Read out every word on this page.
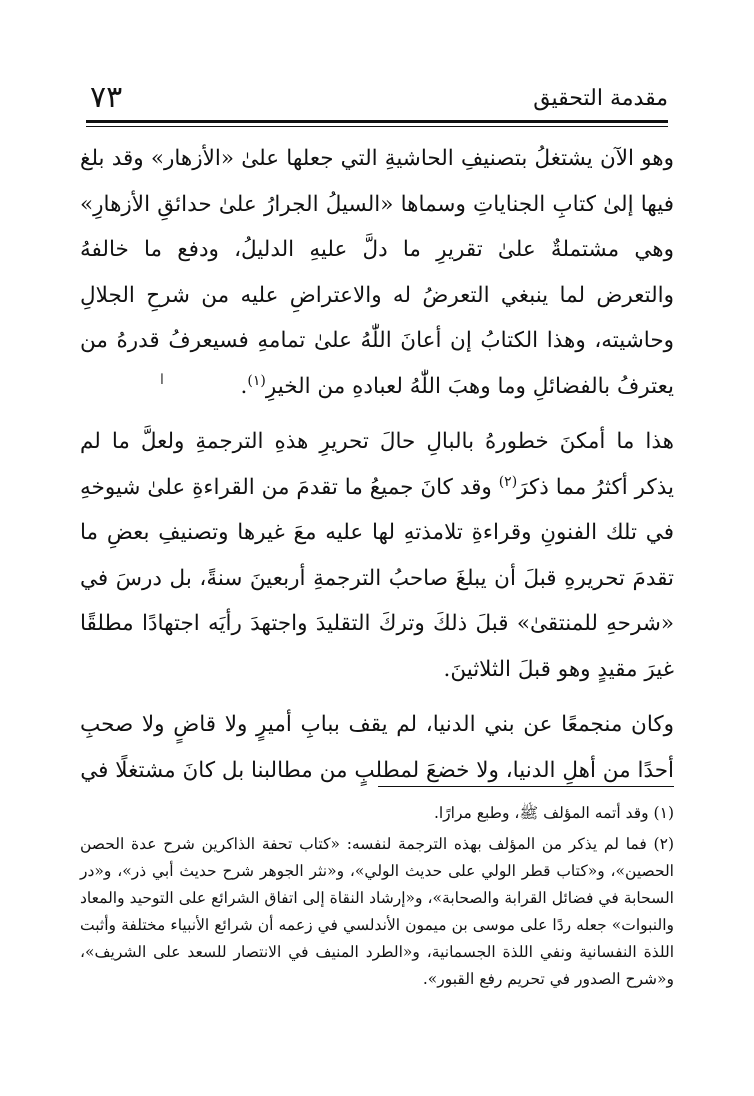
مقدمة التحقيق
٧٣

وهو الآن يشتغلُ بتصنيفِ الحاشيةِ التي جعلها علىٰ «الأزهار» وقد بلغ فيها إلىٰ كتابِ الجناياتِ وسماها «السيلُ الجرارُ علىٰ حدائقِ الأزهارِ» وهي مشتملةٌ علىٰ تقريرِ ما دلَّ عليهِ الدليلُ، ودفع ما خالفهُ والتعرض لما ينبغي التعرضُ له والاعتراضِ عليه من شرحِ الجلالِ وحاشيته، وهذا الكتابُ إن أعانَ اللّٰهُ علىٰ تمامهِ فسيعرفُ قدرهُ من يعترفُ بالفضائلِ وما وهبَ اللّٰهُ لعبادهِ من الخيرِ$^{(١)}$.

هذا ما أمكنَ خطورهُ بالبالِ حالَ تحريرِ هذهِ الترجمةِ ولعلَّ ما لم يذكر أكثرُ مما ذكرَ$^{(٢)}$ وقد كانَ جميعُ ما تقدمَ من القراءةِ علىٰ شيوخهِ في تلك الفنونِ وقراءةِ تلامذتهِ لها عليه معَ غيرها وتصنيفِ بعضِ ما تقدمَ تحريرهِ قبلَ أن يبلغَ صاحبُ الترجمةِ أربعينَ سنةً، بل درسَ في «شرحهِ للمنتقىٰ» قبلَ ذلكَ وتركَ التقليدَ واجتهدَ رأيَه اجتهادًا مطلقًا غيرَ مقيدٍ وهو قبلَ الثلاثينَ.

وكان منجمعًا عن بني الدنيا، لم يقف ببابِ أميرٍ ولا قاضٍ ولا صحبِ أحدًا من أهلِ الدنيا، ولا خضعَ لمطلبٍ من مطالبنا بل كانَ مشتغلًا في

ا

(١) وقد أتمه المؤلف ﷺ، وطبع مرارًا.

(٢) فما لم يذكر من المؤلف بهذه الترجمة لنفسه: «كتاب تحفة الذاكرين شرح عدة الحصن الحصين»، و«كتاب قطر الولي على حديث الولي»، و«نثر الجوهر شرح حديث أبي ذر»، و«در السحابة في فضائل القرابة والصحابة»، و«إرشاد النقاة إلى اتفاق الشرائع على التوحيد والمعاد والنبوات» جعله ردًا على موسى بن ميمون الأندلسي في زعمه أن شرائع الأنبياء مختلفة وأثبت اللذة النفسانية ونفي اللذة الجسمانية، و«الطرد المنيف في الانتصار للسعد على الشريف»، و«شرح الصدور في تحريم رفع القبور».
